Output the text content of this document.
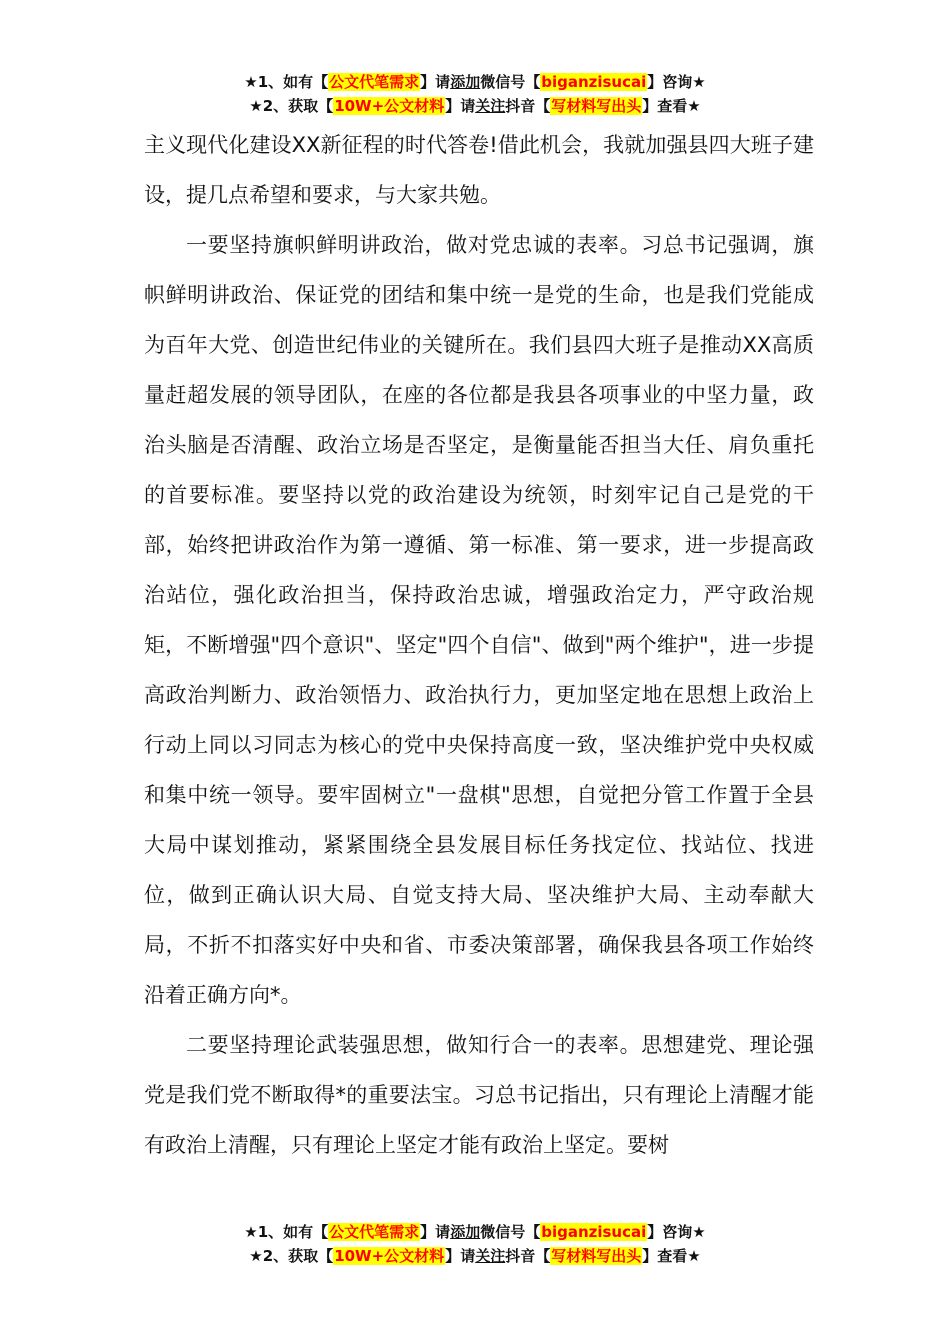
★1、如有【公文代笔需求】请添加微信号【biganzisucai】咨询★
★2、获取【10W+公文材料】请关注抖音【写材料写出头】查看★

主义现代化建设XX新征程的时代答卷!借此机会，我就加强县四大班子建设，提几点希望和要求，与大家共勉。

一要坚持旗帜鲜明讲政治，做对党忠诚的表率。习总书记强调，旗帜鲜明讲政治、保证党的团结和集中统一是党的生命，也是我们党能成为百年大党、创造世纪伟业的关键所在。我们县四大班子是推动XX高质量赶超发展的领导团队，在座的各位都是我县各项事业的中坚力量，政治头脑是否清醒、政治立场是否坚定，是衡量能否担当大任、肩负重托的首要标准。要坚持以党的政治建设为统领，时刻牢记自己是党的干部，始终把讲政治作为第一遵循、第一标准、第一要求，进一步提高政治站位，强化政治担当，保持政治忠诚，增强政治定力，严守政治规矩，不断增强"四个意识"、坚定"四个自信"、做到"两个维护"，进一步提高政治判断力、政治领悟力、政治执行力，更加坚定地在思想上政治上行动上同以习同志为核心的党中央保持高度一致，坚决维护党中央权威和集中统一领导。要牢固树立"一盘棋"思想，自觉把分管工作置于全县大局中谋划推动，紧紧围绕全县发展目标任务找定位、找站位、找进位，做到正确认识大局、自觉支持大局、坚决维护大局、主动奉献大局，不折不扣落实好中央和省、市委决策部署，确保我县各项工作始终沿着正确方向*。

二要坚持理论武装强思想，做知行合一的表率。思想建党、理论强党是我们党不断取得*的重要法宝。习总书记指出，只有理论上清醒才能有政治上清醒，只有理论上坚定才能有政治上坚定。要树

★1、如有【公文代笔需求】请添加微信号【biganzisucai】咨询★
★2、获取【10W+公文材料】请关注抖音【写材料写出头】查看★
